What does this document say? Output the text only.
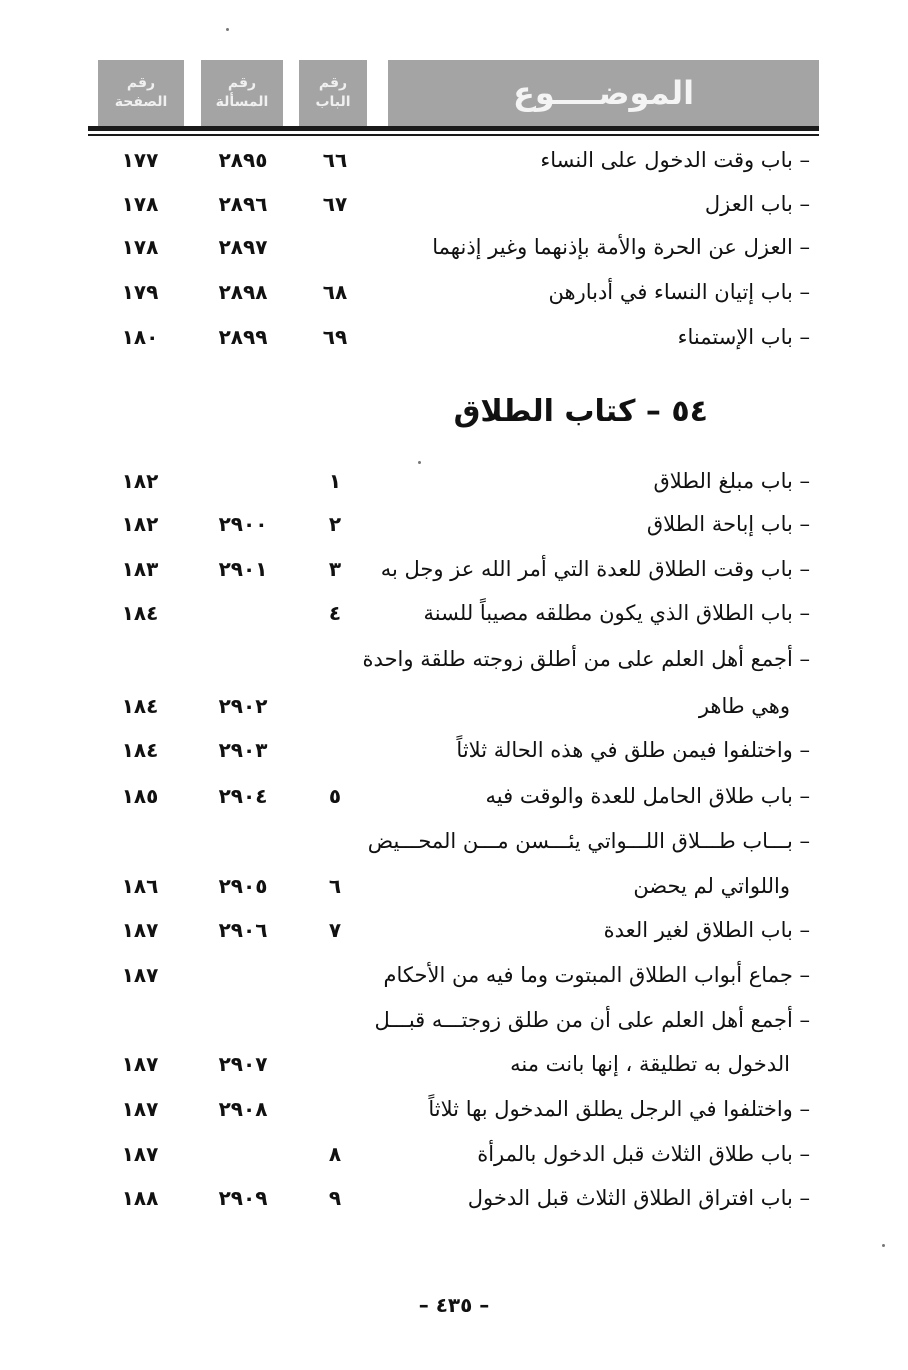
رقم
الصفحة
رقم
المسألة
رقم
الباب	الموضــــوع
– باب وقت الدخول على النساء
٦٦
٢٨٩٥
١٧٧
– باب العزل
٦٧
٢٨٩٦
١٧٨
– العزل عن الحرة والأمة بإذنهما وغير إذنهما
٢٨٩٧
١٧٨
– باب إتيان النساء في أدبارهن
٦٨
٢٨٩٨
١٧٩
– باب الإستمناء
٦٩
٢٨٩٩
١٨٠
٥٤ – كتاب الطلاق
– باب مبلغ الطلاق
١
١٨٢
– باب إباحة الطلاق
٢
٢٩٠٠
١٨٢
– باب وقت الطلاق للعدة التي أمر الله عز وجل به
٣
٢٩٠١
١٨٣
– باب الطلاق الذي يكون مطلقه مصيباً للسنة
٤
١٨٤
– أجمع أهل العلم على من أطلق زوجته طلقة واحدة
وهي طاهر
٢٩٠٢
١٨٤
– واختلفوا فيمن طلق في هذه الحالة ثلاثاً
٢٩٠٣
١٨٤
– باب طلاق الحامل للعدة والوقت فيه
٥
٢٩٠٤
١٨٥
– بـــاب طـــلاق اللـــواتي يئـــسن مـــن المحـــيض
واللواتي لم يحضن
٦
٢٩٠٥
١٨٦
– باب الطلاق لغير العدة
٧
٢٩٠٦
١٨٧
– جماع أبواب الطلاق المبتوت وما فيه من الأحكام
١٨٧
– أجمع أهل العلم على أن من طلق زوجتـــه قبـــل
الدخول به تطليقة ، إنها بانت منه
٢٩٠٧
١٨٧
– واختلفوا في الرجل يطلق المدخول بها ثلاثاً
٢٩٠٨
١٨٧
– باب طلاق الثلاث قبل الدخول بالمرأة
٨
١٨٧
– باب افتراق الطلاق الثلاث قبل الدخول
٩
٢٩٠٩
١٨٨
– ٤٣٥ –
